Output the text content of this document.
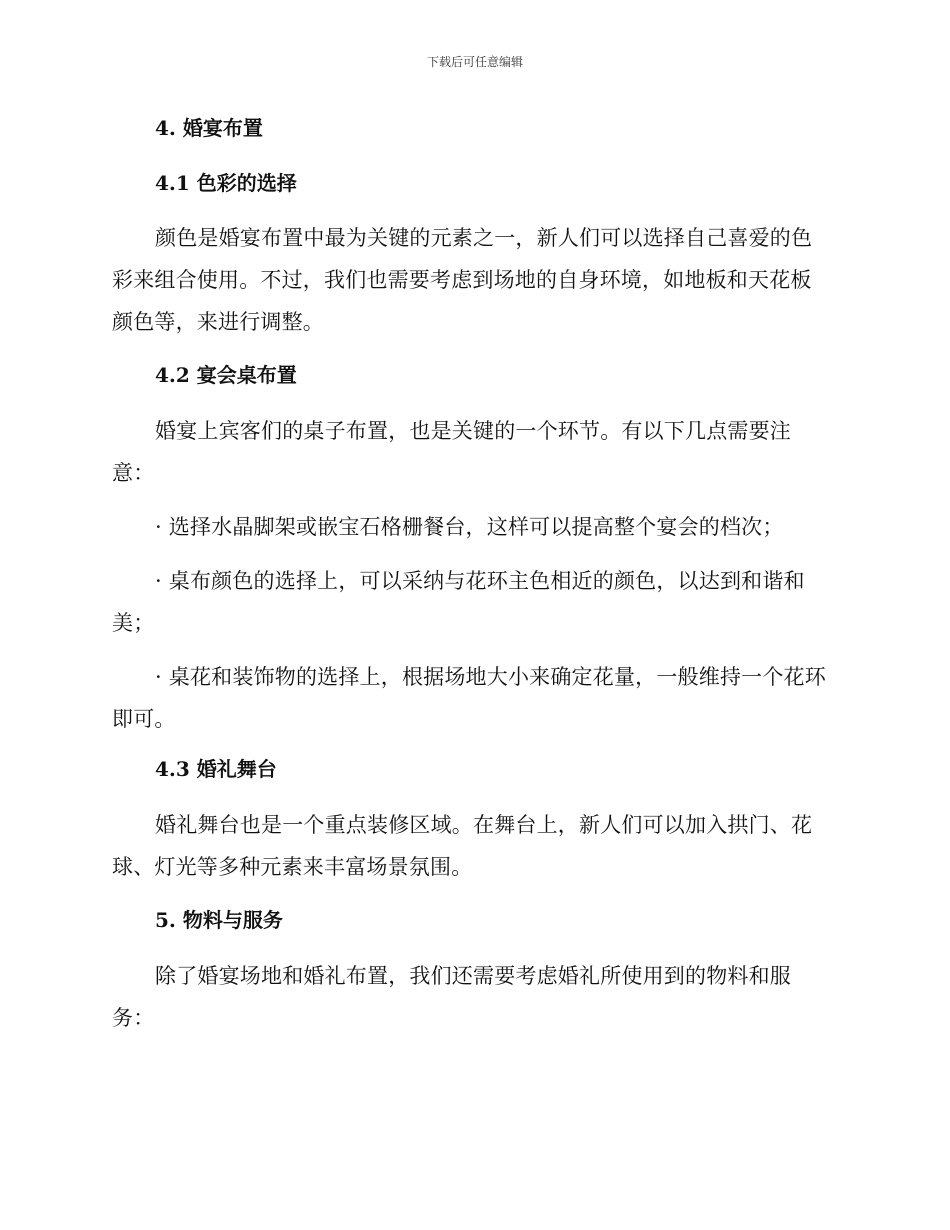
下载后可任意编辑
4. 婚宴布置
4.1 色彩的选择

颜色是婚宴布置中最为关键的元素之一，新人们可以选择自己喜爱的色彩来组合使用。不过，我们也需要考虑到场地的自身环境，如地板和天花板颜色等，来进行调整。

4.2 宴会桌布置

婚宴上宾客们的桌子布置，也是关键的一个环节。有以下几点需要注意：

· 选择水晶脚架或嵌宝石格栅餐台，这样可以提高整个宴会的档次；

· 桌布颜色的选择上，可以采纳与花环主色相近的颜色，以达到和谐和美；

· 桌花和装饰物的选择上，根据场地大小来确定花量，一般维持一个花环即可。

4.3 婚礼舞台

婚礼舞台也是一个重点装修区域。在舞台上，新人们可以加入拱门、花球、灯光等多种元素来丰富场景氛围。

5. 物料与服务

除了婚宴场地和婚礼布置，我们还需要考虑婚礼所使用到的物料和服务：
